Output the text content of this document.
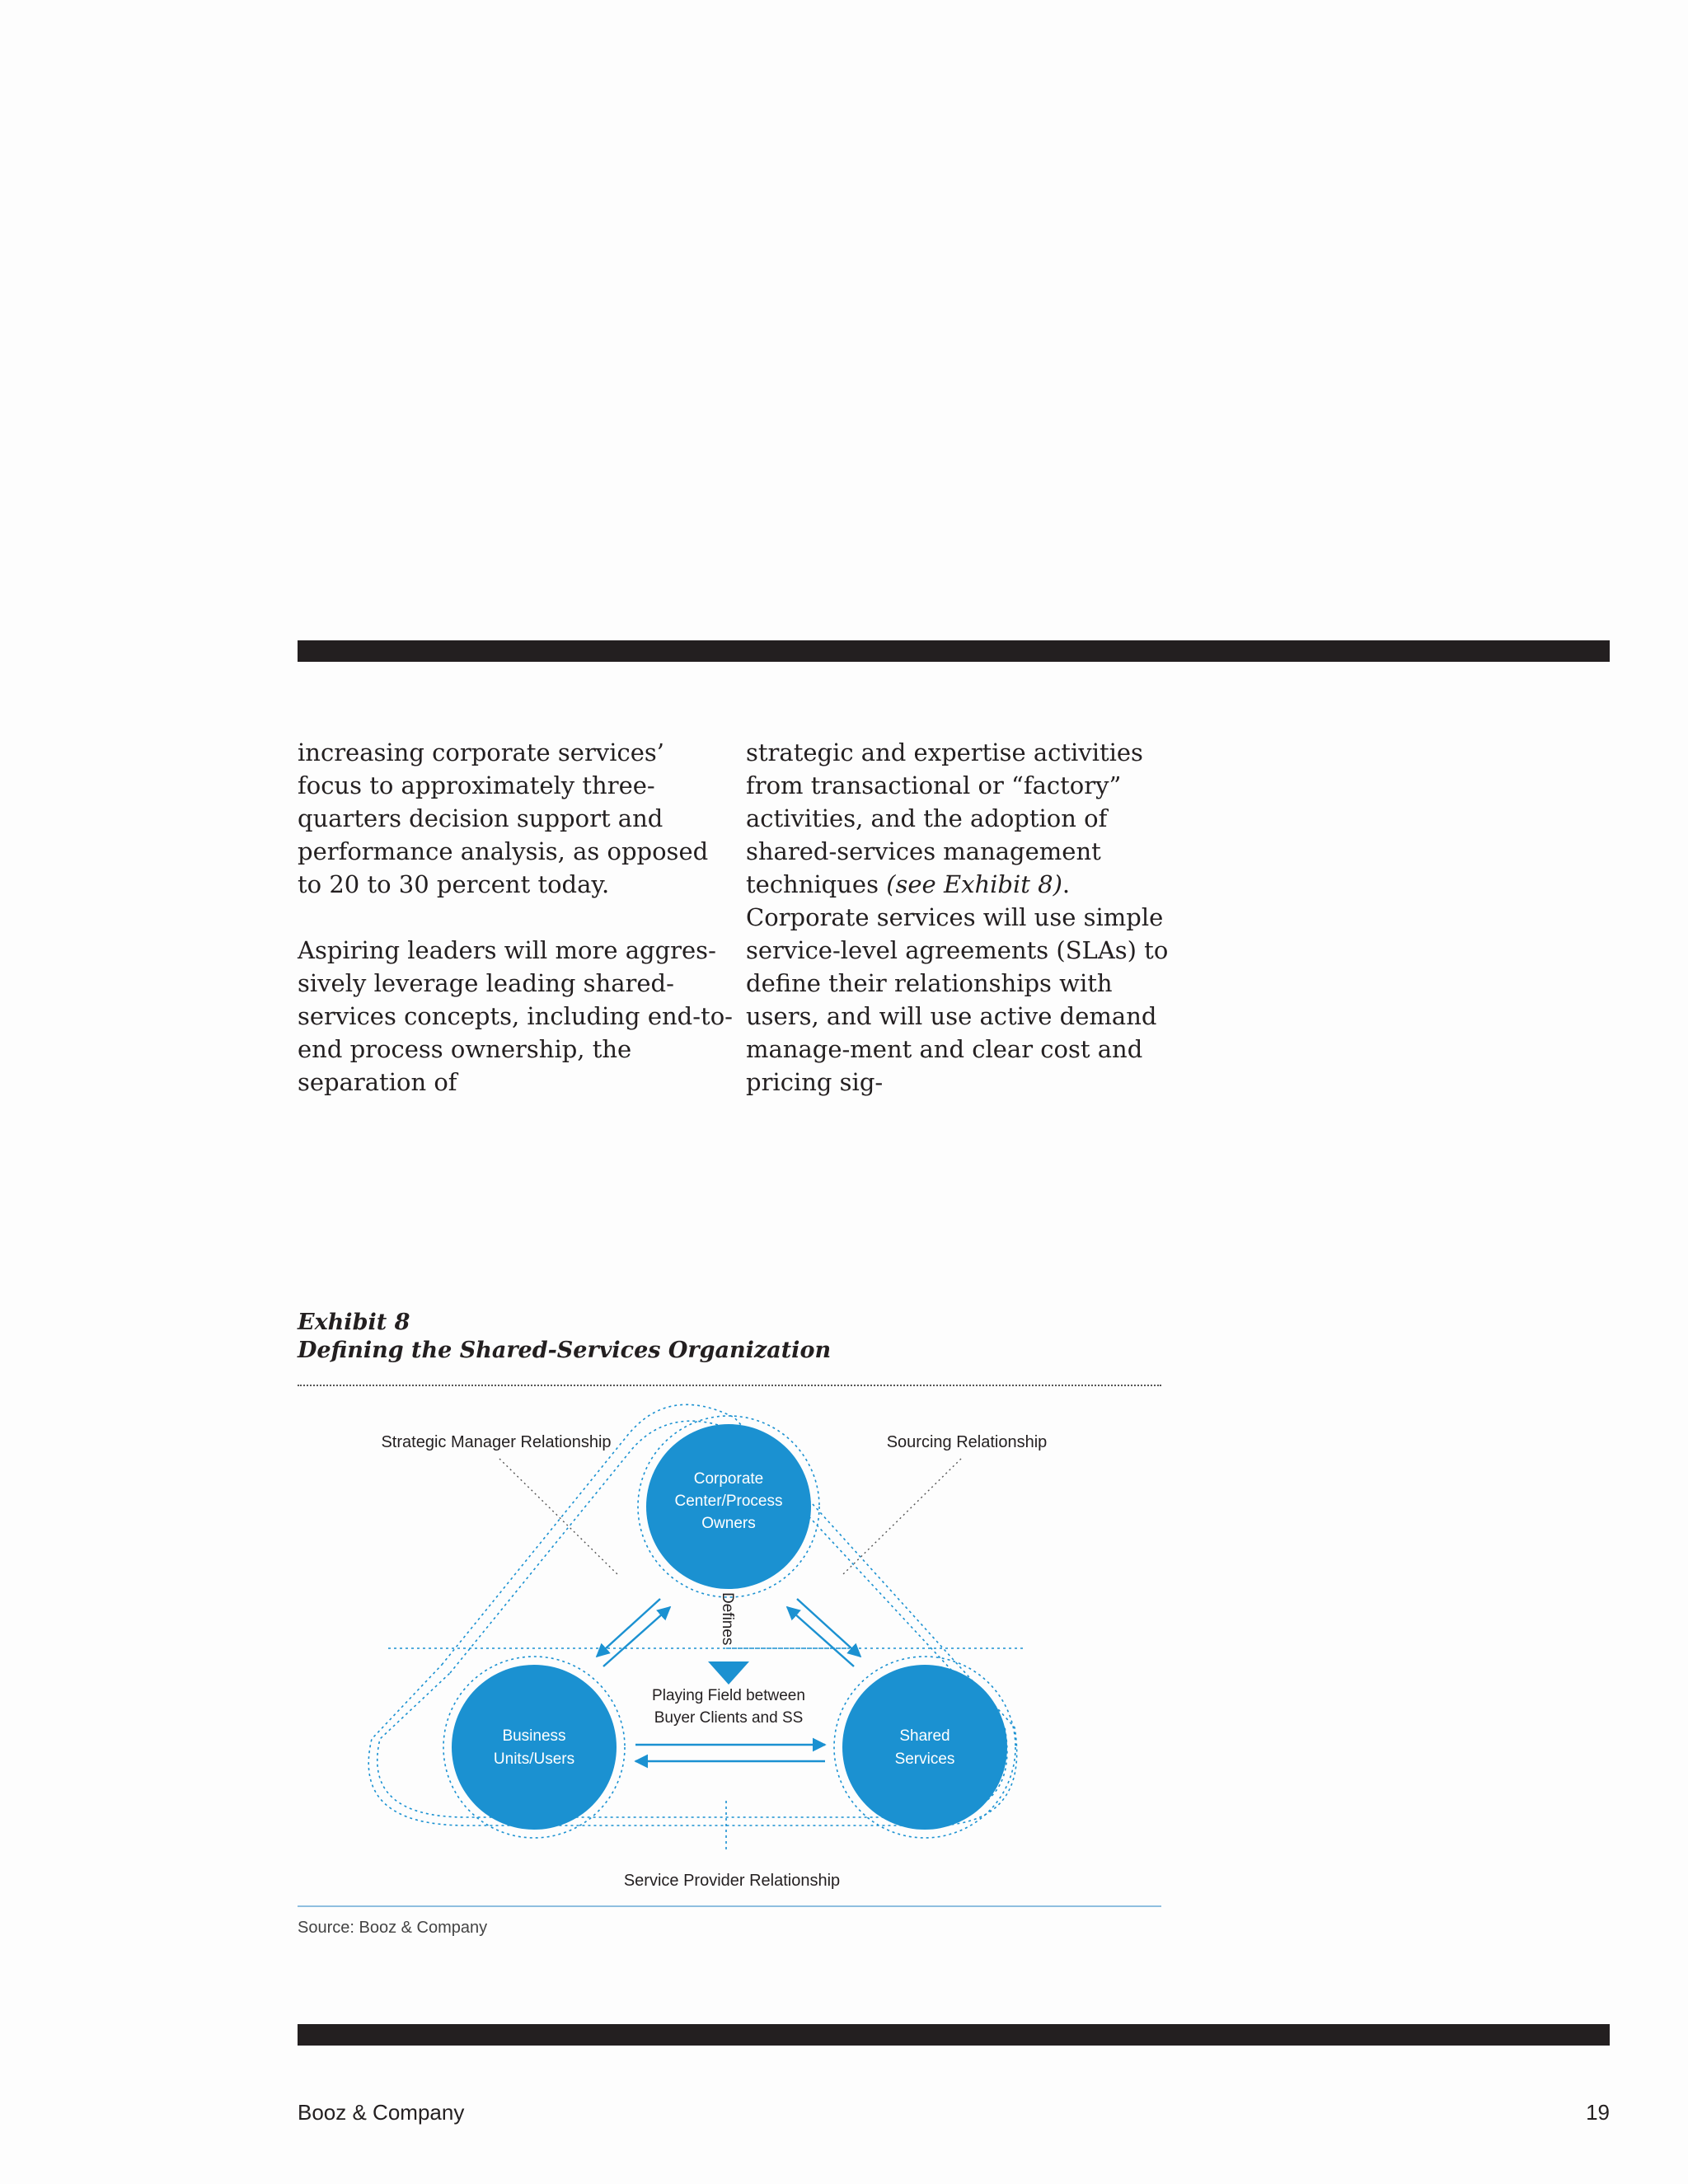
increasing corporate services’ focus to approximately three-quarters decision support and performance analysis, as opposed to 20 to 30 percent today.

Aspiring leaders will more aggres-sively leverage leading shared-services concepts, including end-to-end process ownership, the separation of

strategic and expertise activities from transactional or “factory” activities, and the adoption of shared-services management techniques (see Exhibit 8). Corporate services will use simple service-level agreements (SLAs) to define their relationships with users, and will use active demand manage-ment and clear cost and pricing sig-

Exhibit 8
Defining the Shared-Services Organization
Corporate
Center/Process
Owners
Business
Units/Users
Shared
Services
Strategic Manager Relationship	Sourcing Relationship
Service Provider Relationship
Defines
Playing Field between
Buyer Clients and SS
Source: Booz & Company
Booz & Company	19
